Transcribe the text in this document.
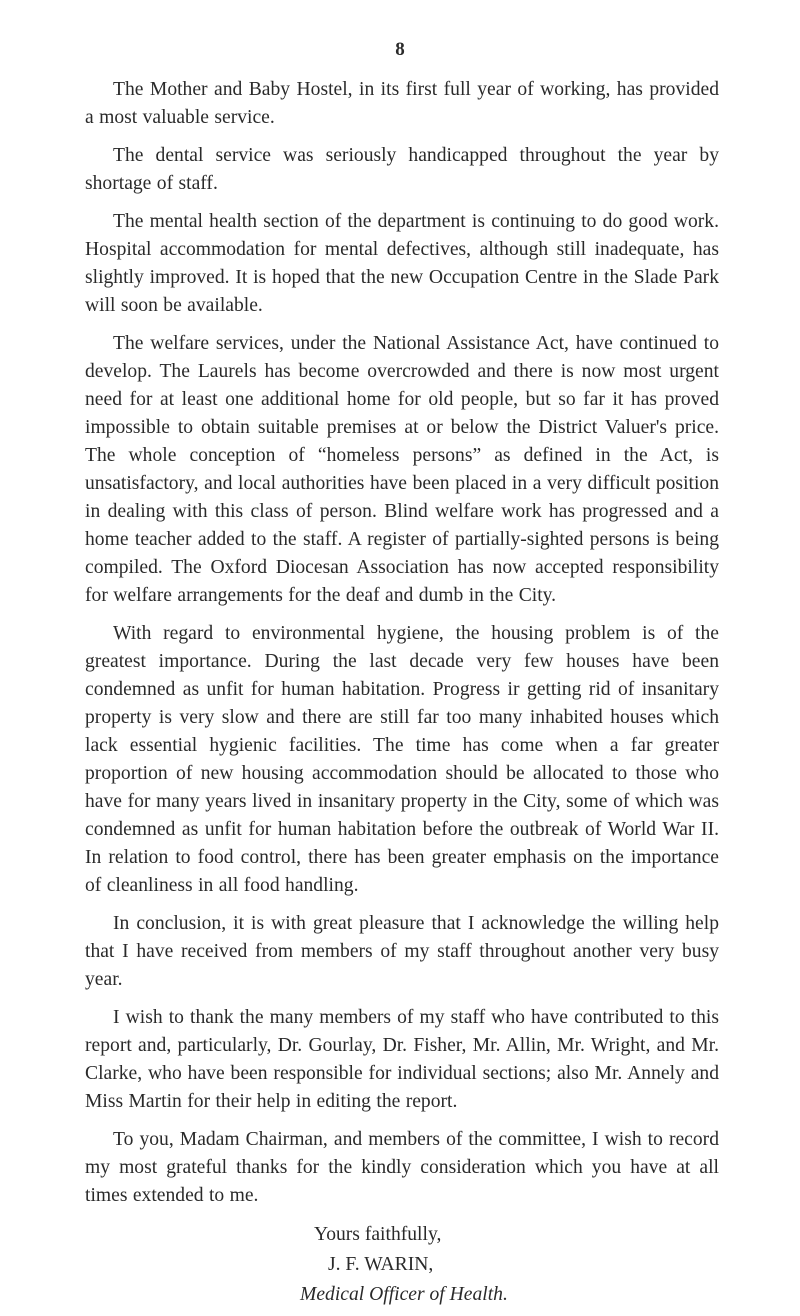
8

The Mother and Baby Hostel, in its first full year of working, has provided a most valuable service.

The dental service was seriously handicapped throughout the year by shortage of staff.

The mental health section of the department is continuing to do good work. Hospital accommodation for mental defectives, although still inadequate, has slightly improved. It is hoped that the new Occupation Centre in the Slade Park will soon be available.

The welfare services, under the National Assistance Act, have continued to develop. The Laurels has become overcrowded and there is now most urgent need for at least one additional home for old people, but so far it has proved impossible to obtain suitable premises at or below the District Valuer's price. The whole conception of “homeless persons” as defined in the Act, is unsatisfactory, and local authorities have been placed in a very difficult position in dealing with this class of person. Blind welfare work has progressed and a home teacher added to the staff. A register of partially-sighted persons is being compiled. The Oxford Diocesan Association has now accepted responsibility for welfare arrangements for the deaf and dumb in the City.

With regard to environmental hygiene, the housing problem is of the greatest importance. During the last decade very few houses have been condemned as unfit for human habitation. Progress ir getting rid of insanitary property is very slow and there are still far too many inhabited houses which lack essential hygienic facilities. The time has come when a far greater proportion of new housing accommodation should be allocated to those who have for many years lived in insanitary property in the City, some of which was condemned as unfit for human habitation before the outbreak of World War II. In relation to food control, there has been greater emphasis on the importance of cleanliness in all food handling.

In conclusion, it is with great pleasure that I acknowledge the willing help that I have received from members of my staff throughout another very busy year.

I wish to thank the many members of my staff who have contributed to this report and, particularly, Dr. Gourlay, Dr. Fisher, Mr. Allin, Mr. Wright, and Mr. Clarke, who have been responsible for individual sections; also Mr. Annely and Miss Martin for their help in editing the report.

To you, Madam Chairman, and members of the committee, I wish to record my most grateful thanks for the kindly consideration which you have at all times extended to me.

Yours faithfully,
J. F. WARIN,
Medical Officer of Health.
